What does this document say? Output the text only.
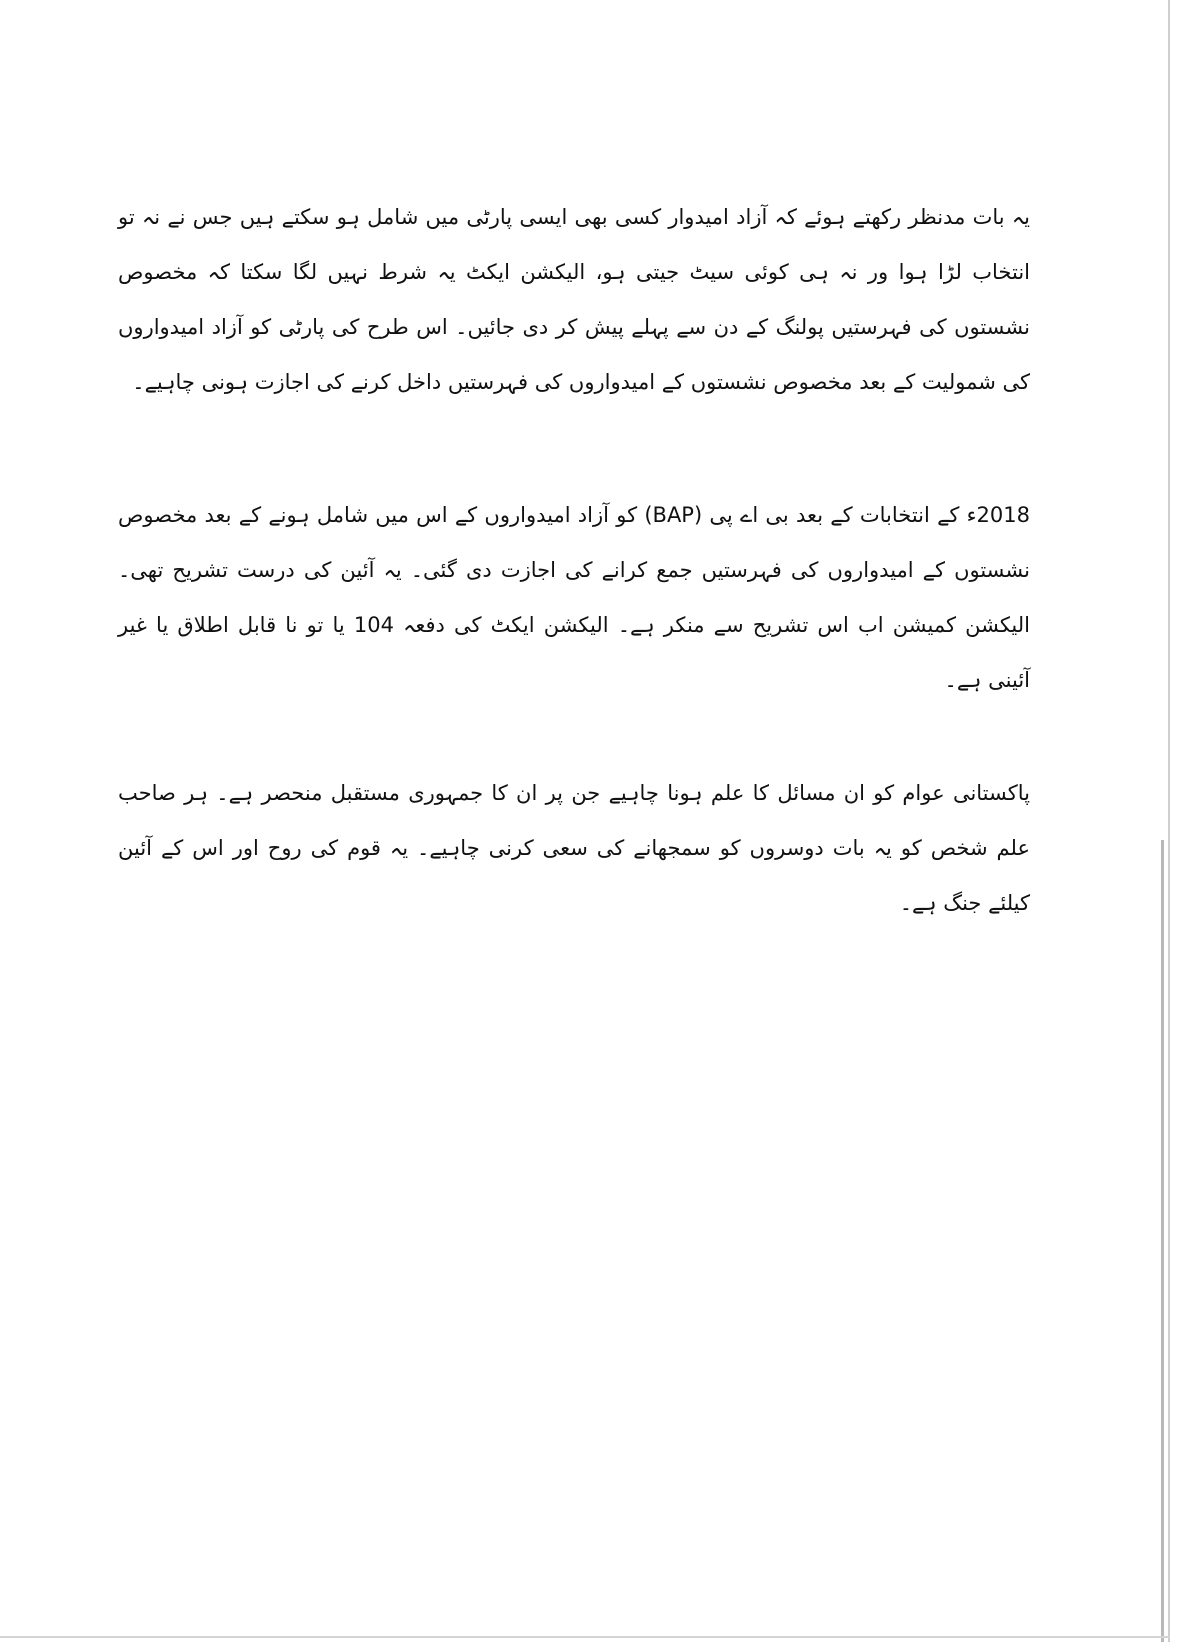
یہ بات مدنظر رکھتے ہوئے کہ آزاد امیدوار کسی بھی ایسی پارٹی میں شامل ہو سکتے ہیں جس نے نہ تو انتخاب لڑا ہوا ور نہ ہی کوئی سیٹ جیتی ہو، الیکشن ایکٹ یہ شرط نہیں لگا سکتا کہ مخصوص نشستوں کی فہرستیں پولنگ کے دن سے پہلے پیش کر دی جائیں۔ اس طرح کی پارٹی کو آزاد امیدواروں کی شمولیت کے بعد مخصوص نشستوں کے امیدواروں کی فہرستیں داخل کرنے کی اجازت ہونی چاہیے۔

2018ء کے انتخابات کے بعد بی اے پی (BAP) کو آزاد امیدواروں کے اس میں شامل ہونے کے بعد مخصوص نشستوں کے امیدواروں کی فہرستیں جمع کرانے کی اجازت دی گئی۔ یہ آئین کی درست تشریح تھی۔ الیکشن کمیشن اب اس تشریح سے منکر ہے۔ الیکشن ایکٹ کی دفعہ 104 یا تو نا قابل اطلاق یا غیر آئینی ہے۔

پاکستانی عوام کو ان مسائل کا علم ہونا چاہیے جن پر ان کا جمہوری مستقبل منحصر ہے۔ ہر صاحب علم شخص کو یہ بات دوسروں کو سمجھانے کی سعی کرنی چاہیے۔ یہ قوم کی روح اور اس کے آئین کیلئے جنگ ہے۔
